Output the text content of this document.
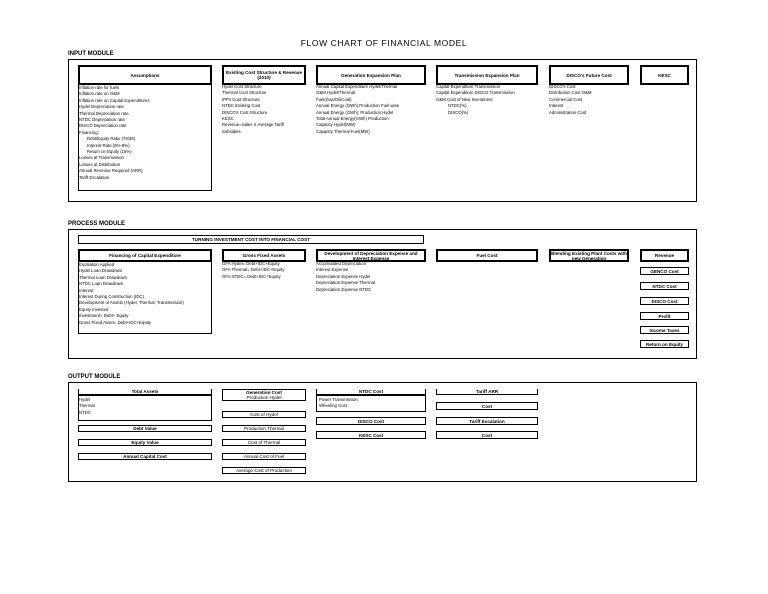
FLOW CHART OF FINANCIAL MODEL
INPUT MODULE
Assumptions
Inflation rate for fuels
Inflation rate on O&M
Inflation rate on Capital Expenditures
Hydel Depreciation rate
Thermal Depreciation rate
NTDC Depreciation rate
DISCO Depreciation rate
Financing:
Debt/Equity Ratio (70/30)
Interest Rate (6%-8%)
Return on Equity (15%)
Losses at Transmission
Losses at Distribution
Annual Revenue Required (ARR)
Tariff Escalation
Existing Cost Structure & Revenue (2010)
Hydel Cost Structure
Thermal Cost Structure
IPPs Cost Structure
NTDC Existing Cost
DISCO's Cost Structure
KESC
Revenue=Sales X Average Tariff
Subsidies
Generation Expansion Plan
Annual Capital Expenditure Hydel/Thermal
O&M Hydel/Thermal
Fuel(Gas/Oil/Coal)
Annual Energy (GWh) Production Fuel wise
Annual Energy (GWh): Production Hydel
Total Annual Energy(GWh) Production
Capacity Hydel(MW)
Capacity Thermal Fuel(MW)
Transmission Expansion Plan
Capital Expenditure Transmission
Capital Expenditure DISCO Transmission
O&M Cost of New Investment
NTDC(%)
DISCO(%)
DISCO's Future Cost
DISCO's Cost
Distribution Cost O&M
Commercial Cost
Interest
Administration Cost
KESC
PROCESS MODULE
TURNING INVESTMENT COST INTO FINANCIAL COST
Financing of Capital Expenditure
Escalation Applied
Hydel Loan Drawdown
Thermal Loan Drawdown
NTDC Loan Drawdown
Interest
Interest During Construction (IDC)
Development of Assets (Hydel, Thermal, Transmission)
Equity Invested
Investment= Debt+ Equity
Gross Fixed Asset= Debt+IDC+Equity
Gross Fixed Assets
GFA Hydel= Debt+IDC+Equity
GFA Thermal= Debt+IDC+Equity
GFA NTDC= Debt+IDC+Equity
Development of Depreciation Expense and Interest Expense
Accumulated Depreciation
Interest Expense
Depreciation Expense Hydel
Depreciation Expense Thermal
Depreciation Expense NTDC
Fuel Cost	Blending Existing Plant Costs with new Generation	Revenue
GENCO Cost
NTDC Cost
DISCO Cost
Profit
Income Taxes
Return on Equity
OUTPUT MODULE
Total Assets
Hydel
Thermal
NTDC
Debt Value
Equity Value
Annual Capital Cost
Generation Cost
Production Hydel
Cost of Hydel
Production Thermal
Cost of Thermal
Annual Cost of Fuel
Average Cost of Production
NTDC Cost
Power Transmission
Wheeling Cost
DISCO Cost
KESC Cost
Tariff ARR
Cost
Tariff Escalation
Cost
